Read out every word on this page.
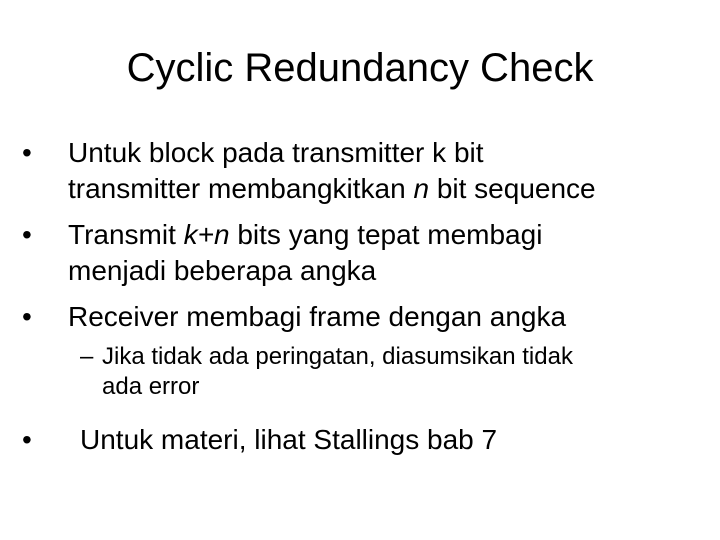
Cyclic Redundancy Check
•	Untuk block pada transmitter k bit
transmitter membangkitkan n bit sequence
•	Transmit k+n bits yang tepat membagi
menjadi beberapa angka
•	Receiver membagi frame dengan angka
– Jika tidak ada peringatan, diasumsikan tidak
ada error
•	Untuk materi, lihat Stallings bab 7
